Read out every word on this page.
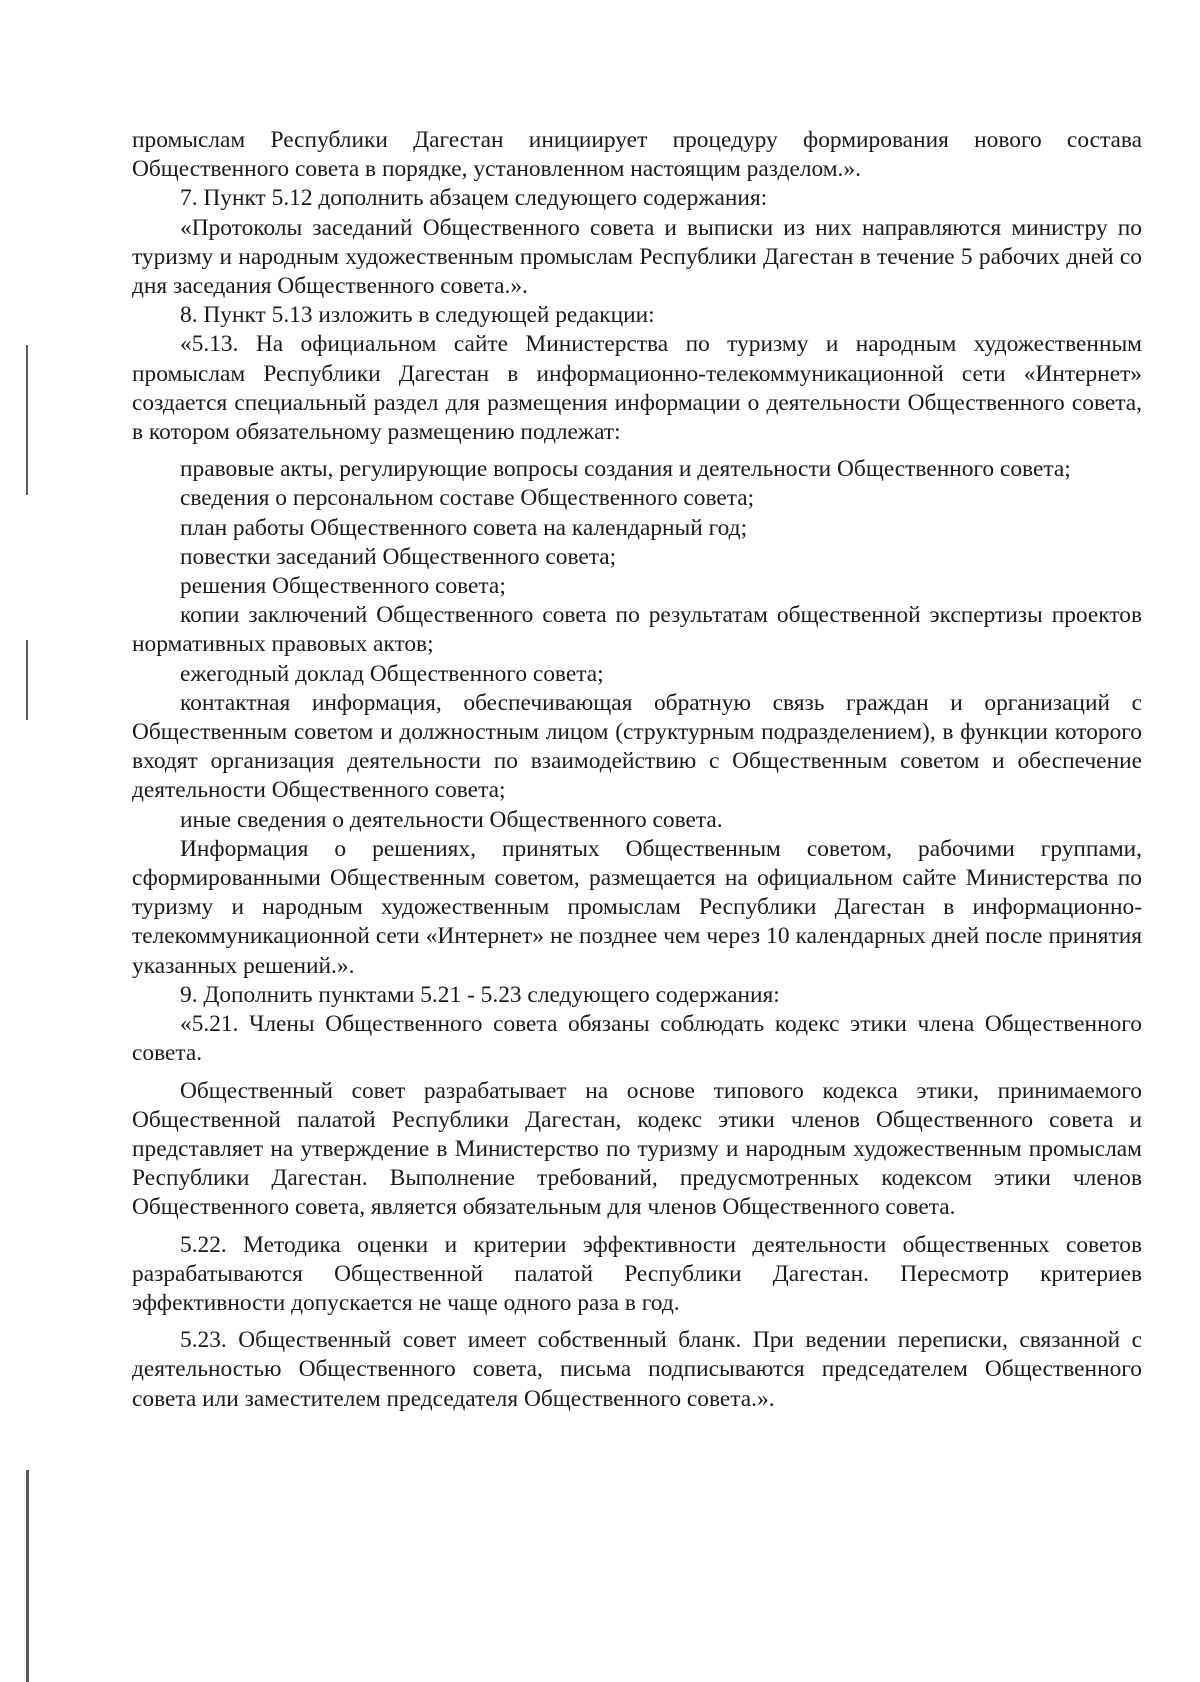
промыслам Республики Дагестан инициирует процедуру формирования нового состава Общественного совета в порядке, установленном настоящим разделом.».

7. Пункт 5.12 дополнить абзацем следующего содержания:

«Протоколы заседаний Общественного совета и выписки из них направляются министру по туризму и народным художественным промыслам Республики Дагестан в течение 5 рабочих дней со дня заседания Общественного совета.».

8. Пункт 5.13 изложить в следующей редакции:

«5.13. На официальном сайте Министерства по туризму и народным художественным промыслам Республики Дагестан в информационно-телекоммуникационной сети «Интернет» создается специальный раздел для размещения информации о деятельности Общественного совета, в котором обязательному размещению подлежат:

правовые акты, регулирующие вопросы создания и деятельности Общественного совета;

сведения о персональном составе Общественного совета;

план работы Общественного совета на календарный год;

повестки заседаний Общественного совета;

решения Общественного совета;

копии заключений Общественного совета по результатам общественной экспертизы проектов нормативных правовых актов;

ежегодный доклад Общественного совета;

контактная информация, обеспечивающая обратную связь граждан и организаций с Общественным советом и должностным лицом (структурным подразделением), в функции которого входят организация деятельности по взаимодействию с Общественным советом и обеспечение деятельности Общественного совета;

иные сведения о деятельности Общественного совета.

Информация о решениях, принятых Общественным советом, рабочими группами, сформированными Общественным советом, размещается на официальном сайте Министерства по туризму и народным художественным промыслам Республики Дагестан в информационно-телекоммуникационной сети «Интернет» не позднее чем через 10 календарных дней после принятия указанных решений.».

9. Дополнить пунктами 5.21 - 5.23 следующего содержания:

«5.21. Члены Общественного совета обязаны соблюдать кодекс этики члена Общественного совета.

Общественный совет разрабатывает на основе типового кодекса этики, принимаемого Общественной палатой Республики Дагестан, кодекс этики членов Общественного совета и представляет на утверждение в Министерство по туризму и народным художественным промыслам Республики Дагестан. Выполнение требований, предусмотренных кодексом этики членов Общественного совета, является обязательным для членов Общественного совета.

5.22. Методика оценки и критерии эффективности деятельности общественных советов разрабатываются Общественной палатой Республики Дагестан. Пересмотр критериев эффективности допускается не чаще одного раза в год.

5.23. Общественный совет имеет собственный бланк. При ведении переписки, связанной с деятельностью Общественного совета, письма подписываются председателем Общественного совета или заместителем председателя Общественного совета.».
